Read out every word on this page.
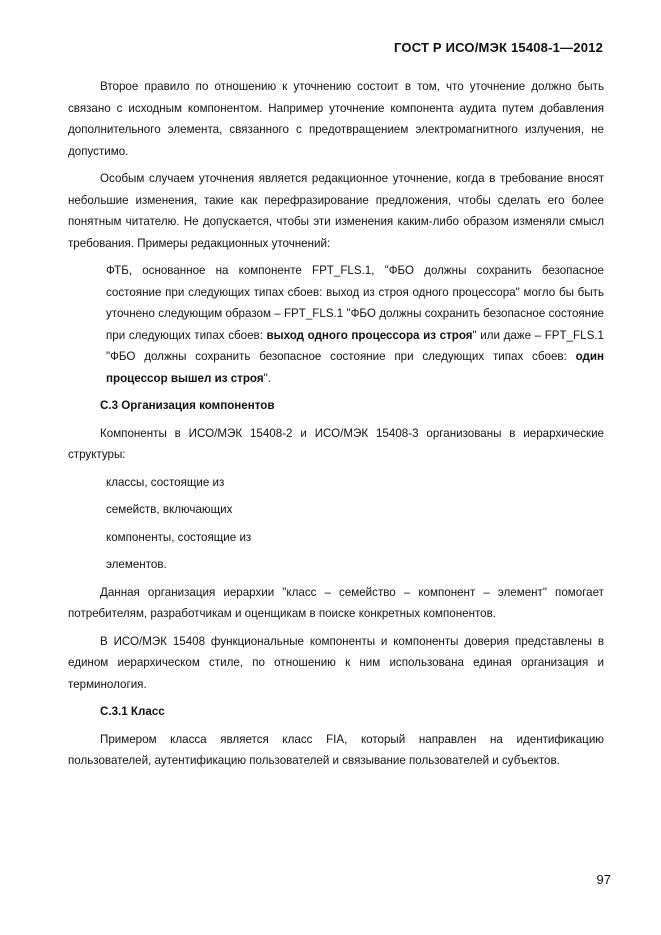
ГОСТ Р ИСО/МЭК 15408-1—2012

Второе правило по отношению к уточнению состоит в том, что уточнение должно быть связано с исходным компонентом. Например уточнение компонента аудита путем добавления дополнительного элемента, связанного с предотвращением электромагнитного излучения, не допустимо.

Особым случаем уточнения является редакционное уточнение, когда в требование вносят небольшие изменения, такие как перефразирование предложения, чтобы сделать его более понятным читателю. Не допускается, чтобы эти изменения каким-либо образом изменяли смысл требования. Примеры редакционных уточнений:

ФТБ, основанное на компоненте FPT_FLS.1, "ФБО должны сохранить безопасное состояние при следующих типах сбоев: выход из строя одного процессора" могло бы быть уточнено следующим образом – FPT_FLS.1 "ФБО должны сохранить безопасное состояние при следующих типах сбоев: выход одного процессора из строя" или даже – FPT_FLS.1 "ФБО должны сохранить безопасное состояние при следующих типах сбоев: один процессор вышел из строя".

С.3 Организация компонентов

Компоненты в ИСО/МЭК 15408-2 и ИСО/МЭК 15408-3 организованы в иерархические структуры:

классы, состоящие из
семейств, включающих
компоненты, состоящие из
элементов.

Данная организация иерархии "класс – семейство – компонент – элемент" помогает потребителям, разработчикам и оценщикам в поиске конкретных компонентов.

В ИСО/МЭК 15408 функциональные компоненты и компоненты доверия представлены в едином иерархическом стиле, по отношению к ним использована единая организация и терминология.

С.3.1 Класс

Примером класса является класс FIA, который направлен на идентификацию пользователей, аутентификацию пользователей и связывание пользователей и субъектов.

97
